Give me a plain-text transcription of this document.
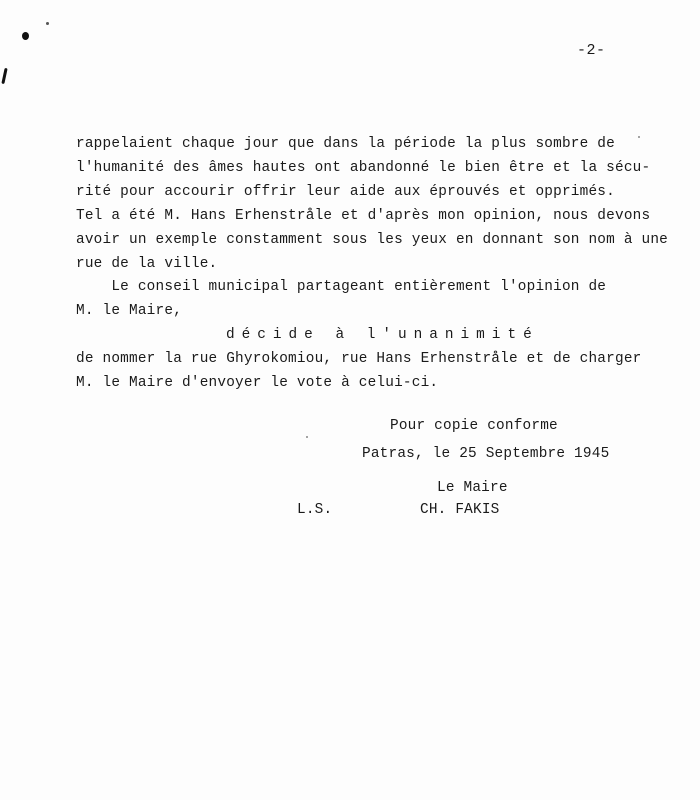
-2-
rappelaient chaque jour que dans la période la plus sombre de
l'humanité des âmes hautes ont abandonné le bien être et la sécu-
rité pour accourir offrir leur aide aux éprouvés et opprimés.
Tel a été M. Hans Erhenstråle et d'après mon opinion, nous devons
avoir un exemple constamment sous les yeux en donnant son nom à une
rue de la ville.
Le conseil municipal partageant entièrement l'opinion de
M. le Maire,
décide à l'unanimité
de nommer la rue Ghyrokomiou, rue Hans Erhenstråle et de charger
M. le Maire d'envoyer le vote à celui-ci.
Pour copie conforme
Patras, le 25 Septembre 1945
Le Maire
L.S.	CH. FAKIS
